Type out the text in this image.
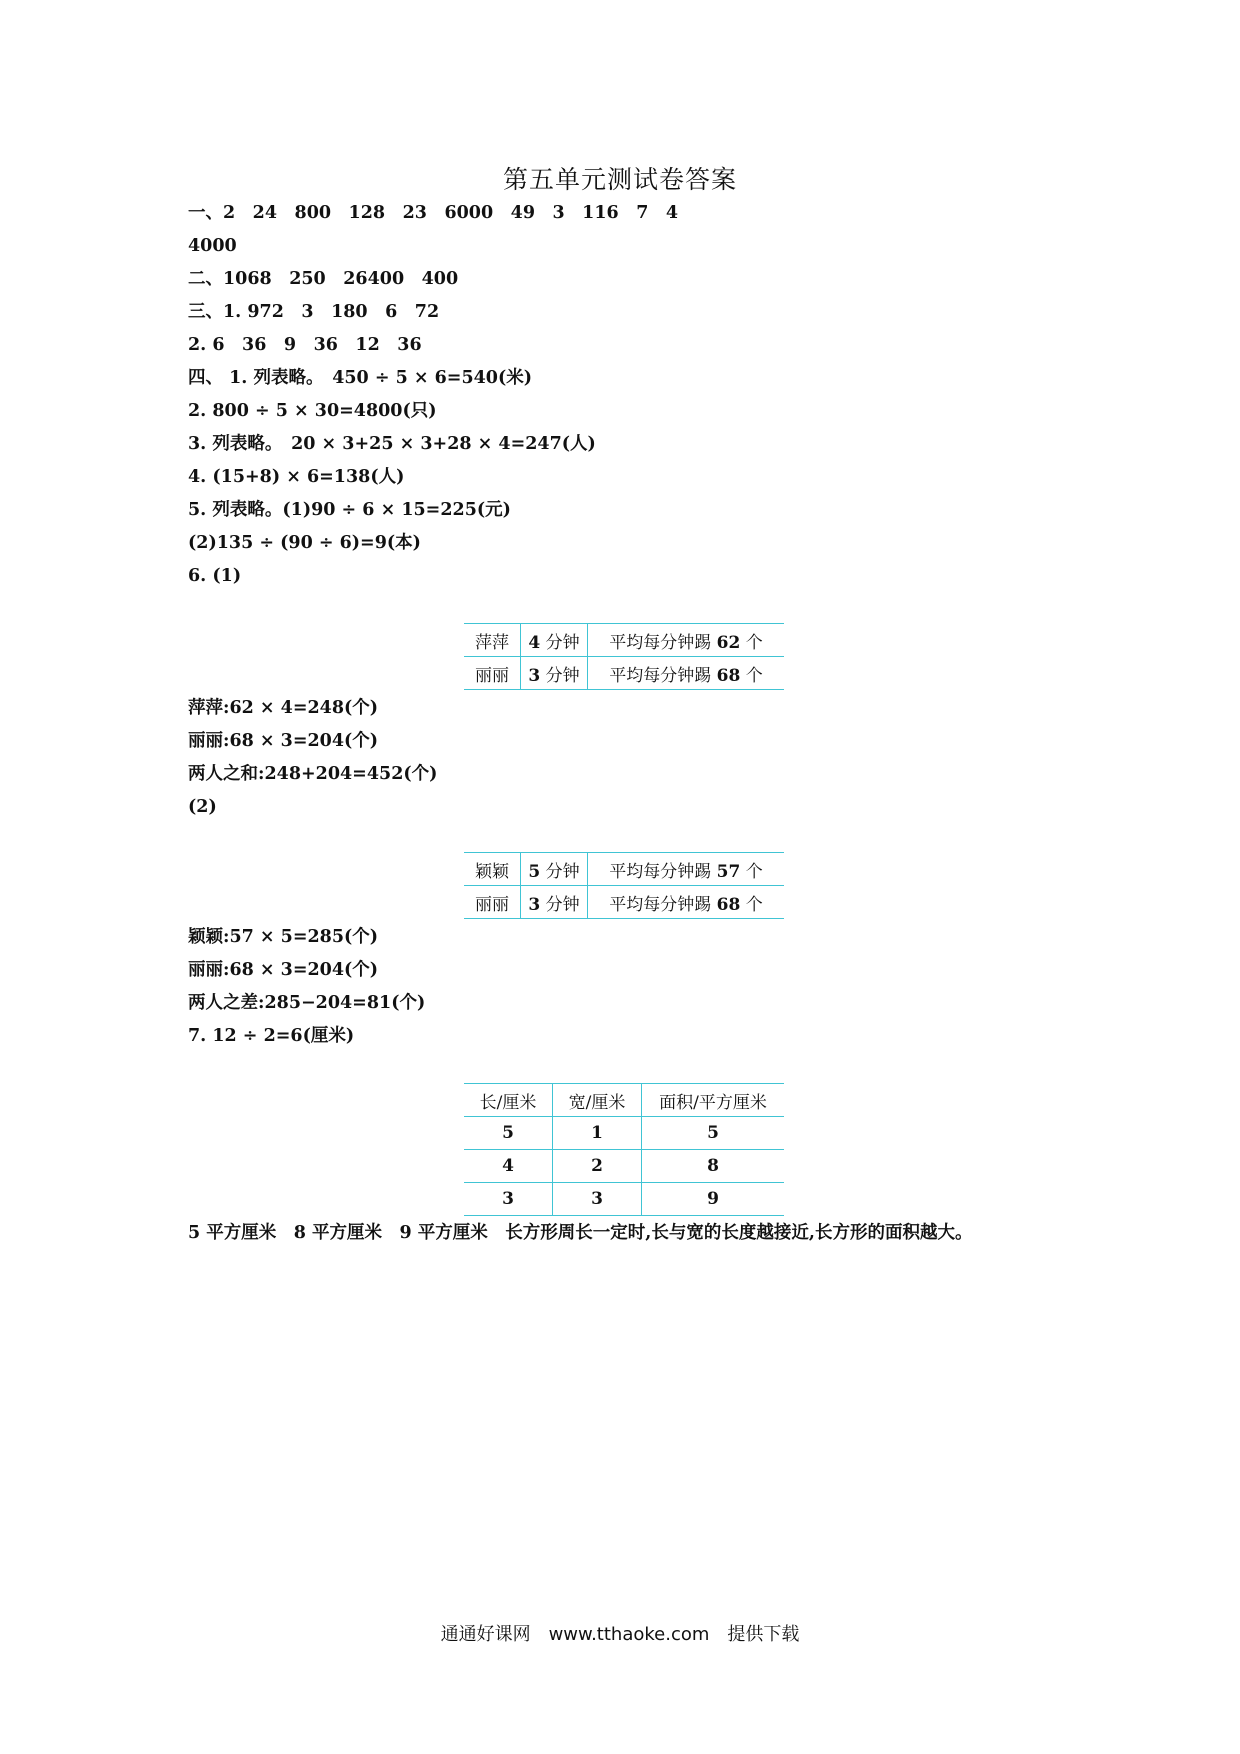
第五单元测试卷答案
一、2　24　800　128　23　6000　49　3　116　7　4
4000
二、1068　250　26400　400
三、1. 972　3　180　6　72
2. 6　36　9　36　12　36
四、 1. 列表略。　450 ÷ 5 × 6=540(米)
2. 800 ÷ 5 × 30=4800(只)
3. 列表略。　20 × 3+25 × 3+28 × 4=247(人)
4. (15+8) × 6=138(人)
5. 列表略。(1)90 ÷ 6 × 15=225(元)
(2)135 ÷ (90 ÷ 6)=9(本)
6. (1)
萍萍	4 分钟	平均每分钟踢 62 个
丽丽	3 分钟	平均每分钟踢 68 个
萍萍:62 × 4=248(个)
丽丽:68 × 3=204(个)
两人之和:248+204=452(个)
(2)
颖颖	5 分钟	平均每分钟踢 57 个
丽丽	3 分钟	平均每分钟踢 68 个
颖颖:57 × 5=285(个)
丽丽:68 × 3=204(个)
两人之差:285−204=81(个)
7. 12 ÷ 2=6(厘米)
长/厘米	宽/厘米	面积/平方厘米
5	1	5
4	2	8
3	3	9
5 平方厘米　8 平方厘米　9 平方厘米　长方形周长一定时,长与宽的长度越接近,长方形的面积越大。
通通好课网　www.tthaoke.com　提供下载
